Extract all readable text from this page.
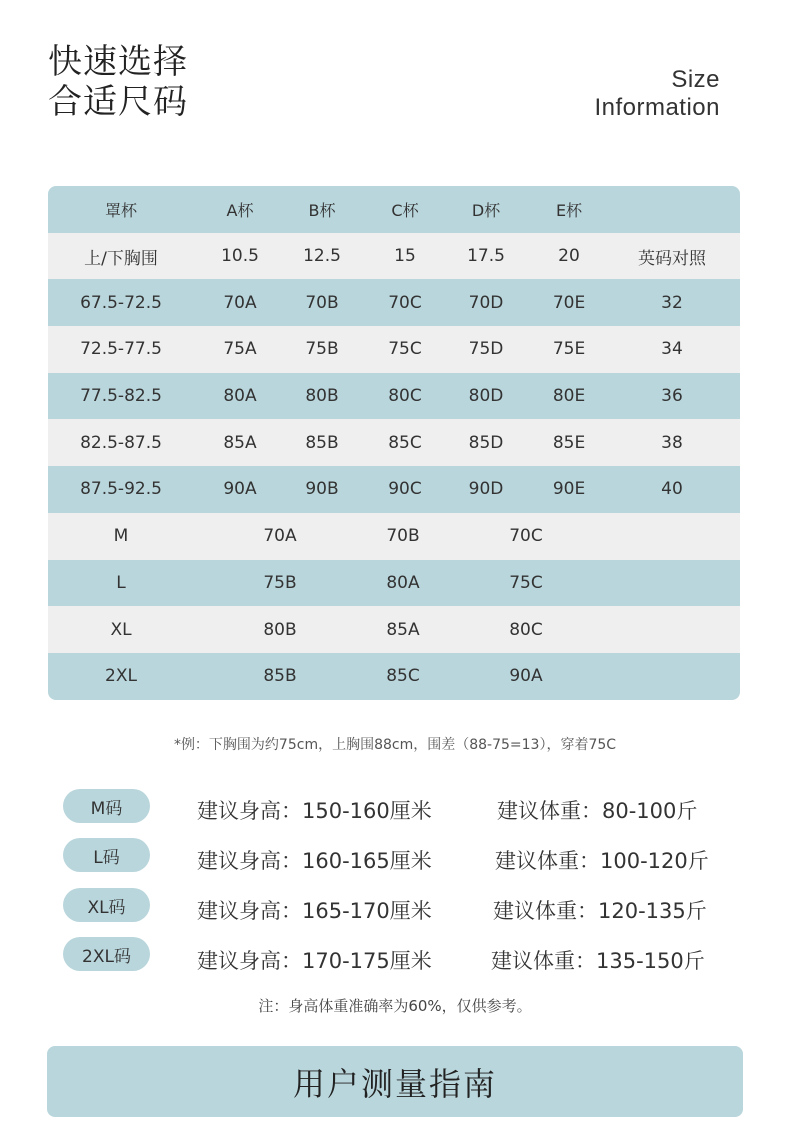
快速选择
合适尺码
Size
Information
罩杯	A杯	B杯	C杯	D杯	E杯
上/下胸围	10.5	12.5	15	17.5	20	英码对照
67.5-72.5	70A	70B	70C	70D	70E	32
72.5-77.5	75A	75B	75C	75D	75E	34
77.5-82.5	80A	80B	80C	80D	80E	36
82.5-87.5	85A	85B	85C	85D	85E	38
87.5-92.5	90A	90B	90C	90D	90E	40
M	70A	70B	70C
L	75B	80A	75C
XL	80B	85A	80C
2XL	85B	85C	90A
*例：下胸围为约75cm，上胸围88cm，围差（88-75=13），穿着75C
M码	建议身高：150-160厘米	建议体重：80-100斤
L码	建议身高：160-165厘米	建议体重：100-120斤
XL码	建议身高：165-170厘米	建议体重：120-135斤
2XL码	建议身高：170-175厘米	建议体重：135-150斤
注：身高体重准确率为60%，仅供参考。
用户测量指南
